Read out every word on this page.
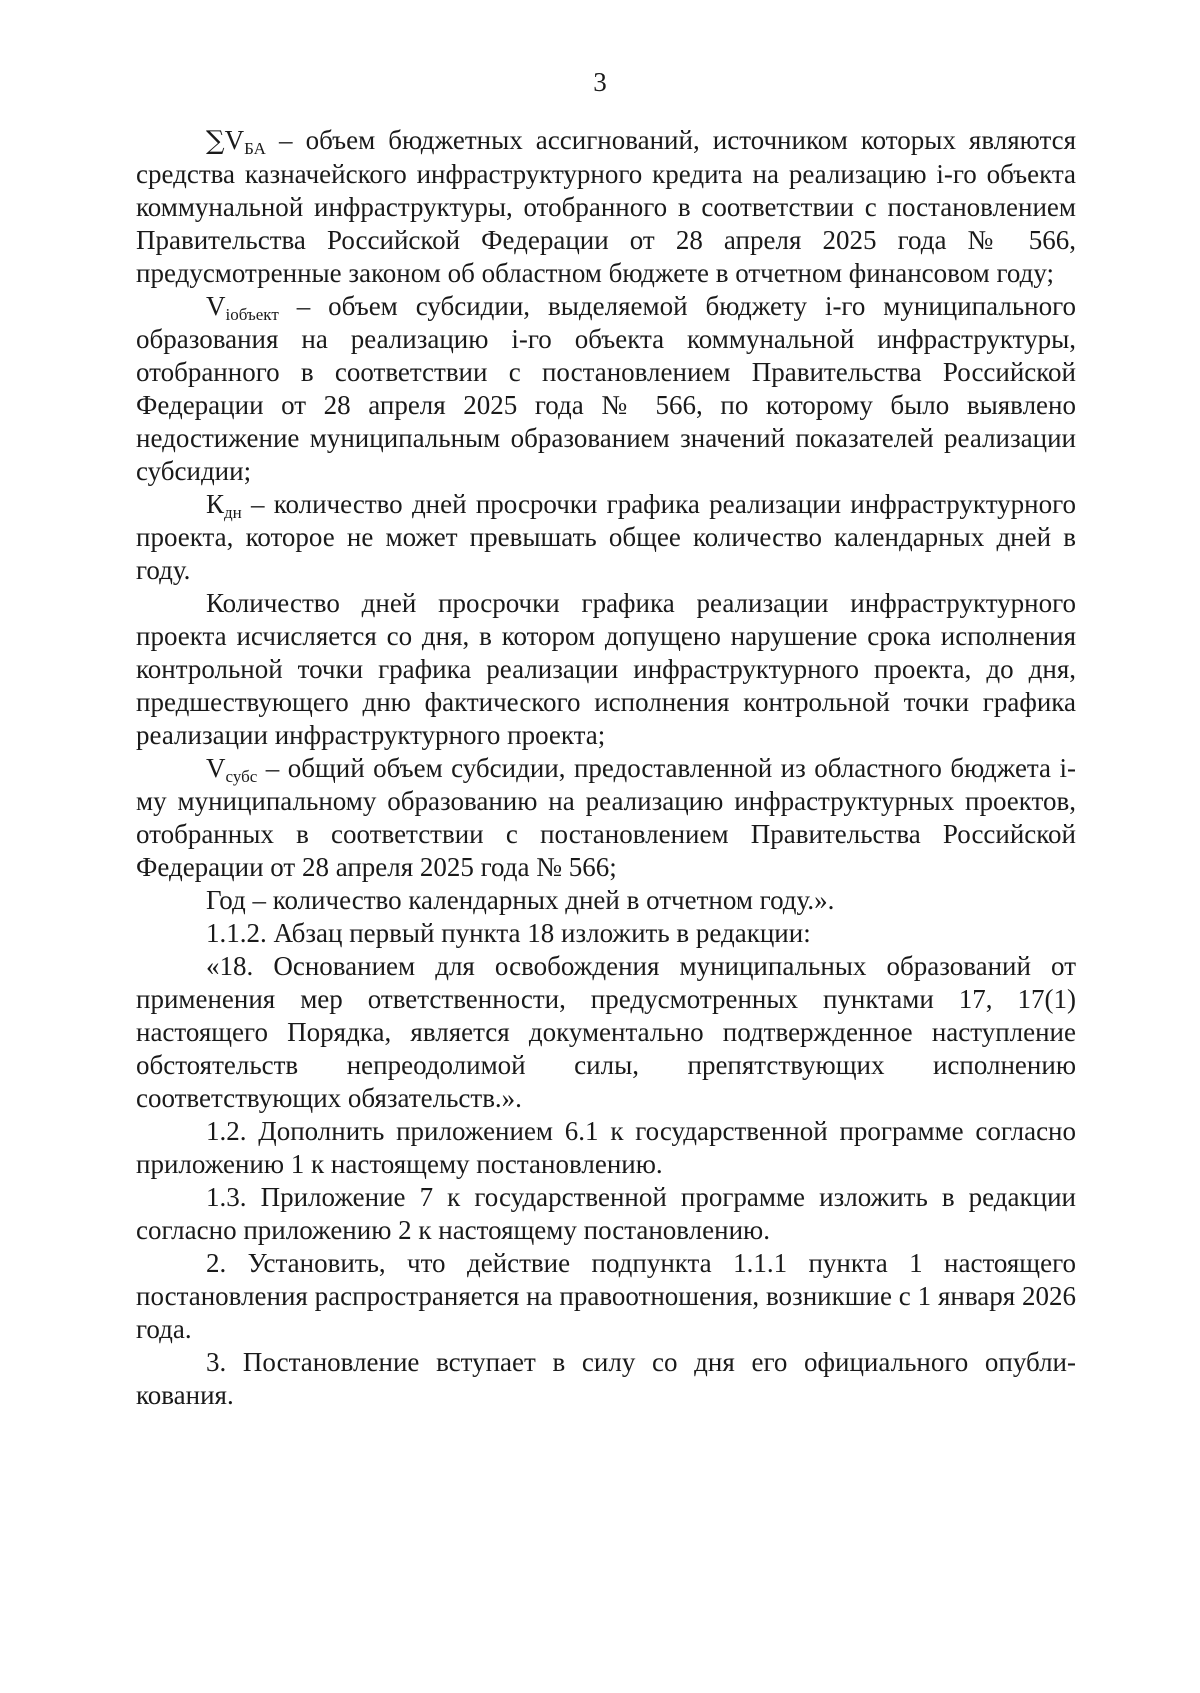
3

$\sum V_{БА}$ – объем бюджетных ассигнований, источником которых являются средства казначейского инфраструктурного кредита на реализацию i-го объекта коммунальной инфраструктуры, отобранного в соответствии с постановлением Правительства Российской Федерации от 28 апреля 2025 года № 566, предусмотренные законом об областном бюджете в отчетном финансовом году;

$V_{iобъект}$ – объем субсидии, выделяемой бюджету i-го муниципального образования на реализацию i-го объекта коммунальной инфраструктуры, отобранного в соответствии с постановлением Правительства Российской Федерации от 28 апреля 2025 года № 566, по которому было выявлено недостижение муниципальным образованием значений показателей реализации субсидии;

$К_{дн}$ – количество дней просрочки графика реализации инфраструктурного проекта, которое не может превышать общее количество календарных дней в году.

Количество дней просрочки графика реализации инфраструктурного проекта исчисляется со дня, в котором допущено нарушение срока исполнения контрольной точки графика реализации инфраструктурного проекта, до дня, предшествующего дню фактического исполнения контрольной точки графика реализации инфраструктурного проекта;

$V_{субс}$ – общий объем субсидии, предоставленной из областного бюджета i-му муниципальному образованию на реализацию инфраструктурных проектов, отобранных в соответствии с постановлением Правительства Российской Федерации от 28 апреля 2025 года № 566;

Год – количество календарных дней в отчетном году.».

1.1.2. Абзац первый пункта 18 изложить в редакции:

«18. Основанием для освобождения муниципальных образований от применения мер ответственности, предусмотренных пунктами 17, 17(1) настоящего Порядка, является документально подтвержденное наступление обстоятельств непреодолимой силы, препятствующих исполнению соответствующих обязательств.».

1.2. Дополнить приложением 6.1 к государственной программе согласно приложению 1 к настоящему постановлению.

1.3. Приложение 7 к государственной программе изложить в редакции согласно приложению 2 к настоящему постановлению.

2. Установить, что действие подпункта 1.1.1 пункта 1 настоящего постановления распространяется на правоотношения, возникшие с 1 января 2026 года.

3. Постановление вступает в силу со дня его официального опубли-кования.
